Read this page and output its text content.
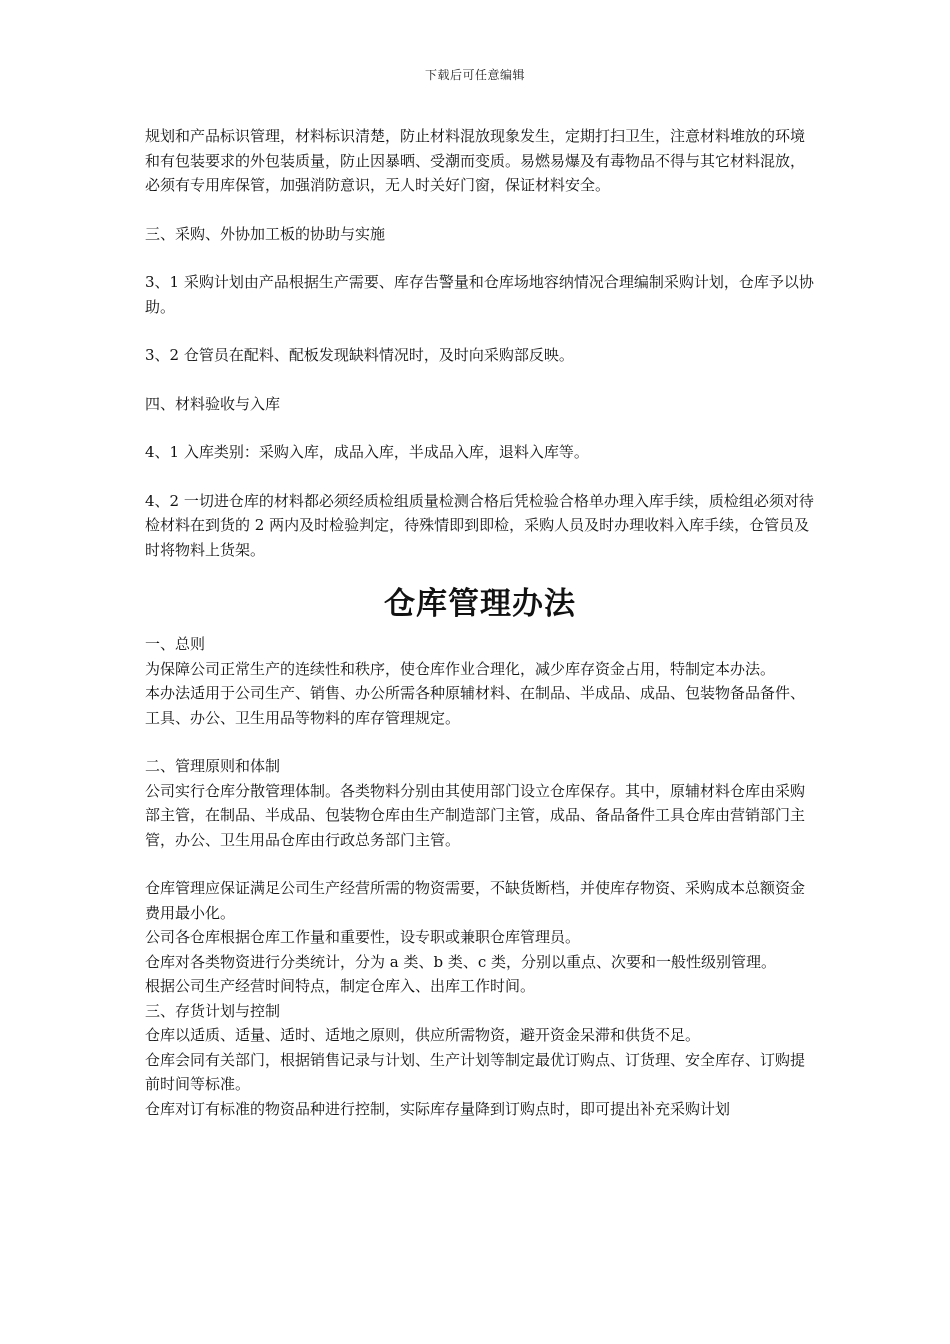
下载后可任意编辑

规划和产品标识管理，材料标识清楚，防止材料混放现象发生，定期打扫卫生，注意材料堆放的环境和有包装要求的外包装质量，防止因暴晒、受潮而变质。易燃易爆及有毒物品不得与其它材料混放，必须有专用库保管，加强消防意识，无人时关好门窗，保证材料安全。

三、采购、外协加工板的协助与实施

3、1 采购计划由产品根据生产需要、库存告警量和仓库场地容纳情况合理编制采购计划，仓库予以协助。

3、2 仓管员在配料、配板发现缺料情况时，及时向采购部反映。

四、材料验收与入库

4、1 入库类别：采购入库，成品入库，半成品入库，退料入库等。

4、2 一切进仓库的材料都必须经质检组质量检测合格后凭检验合格单办理入库手续，质检组必须对待检材料在到货的 2 两内及时检验判定，待殊情即到即检，采购人员及时办理收料入库手续，仓管员及时将物料上货架。

仓库管理办法

一、总则

为保障公司正常生产的连续性和秩序，使仓库作业合理化，减少库存资金占用，特制定本办法。

本办法适用于公司生产、销售、办公所需各种原辅材料、在制品、半成品、成品、包装物备品备件、工具、办公、卫生用品等物料的库存管理规定。

二、管理原则和体制

公司实行仓库分散管理体制。各类物料分别由其使用部门设立仓库保存。其中，原辅材料仓库由采购部主管，在制品、半成品、包装物仓库由生产制造部门主管，成品、备品备件工具仓库由营销部门主管，办公、卫生用品仓库由行政总务部门主管。

仓库管理应保证满足公司生产经营所需的物资需要，不缺货断档，并使库存物资、采购成本总额资金费用最小化。

公司各仓库根据仓库工作量和重要性，设专职或兼职仓库管理员。

仓库对各类物资进行分类统计，分为 a 类、b 类、c 类，分别以重点、次要和一般性级别管理。

根据公司生产经营时间特点，制定仓库入、出库工作时间。

三、存货计划与控制

仓库以适质、适量、适时、适地之原则，供应所需物资，避开资金呆滞和供货不足。

仓库会同有关部门，根据销售记录与计划、生产计划等制定最优订购点、订货理、安全库存、订购提前时间等标准。

仓库对订有标准的物资品种进行控制，实际库存量降到订购点时，即可提出补充采购计划
